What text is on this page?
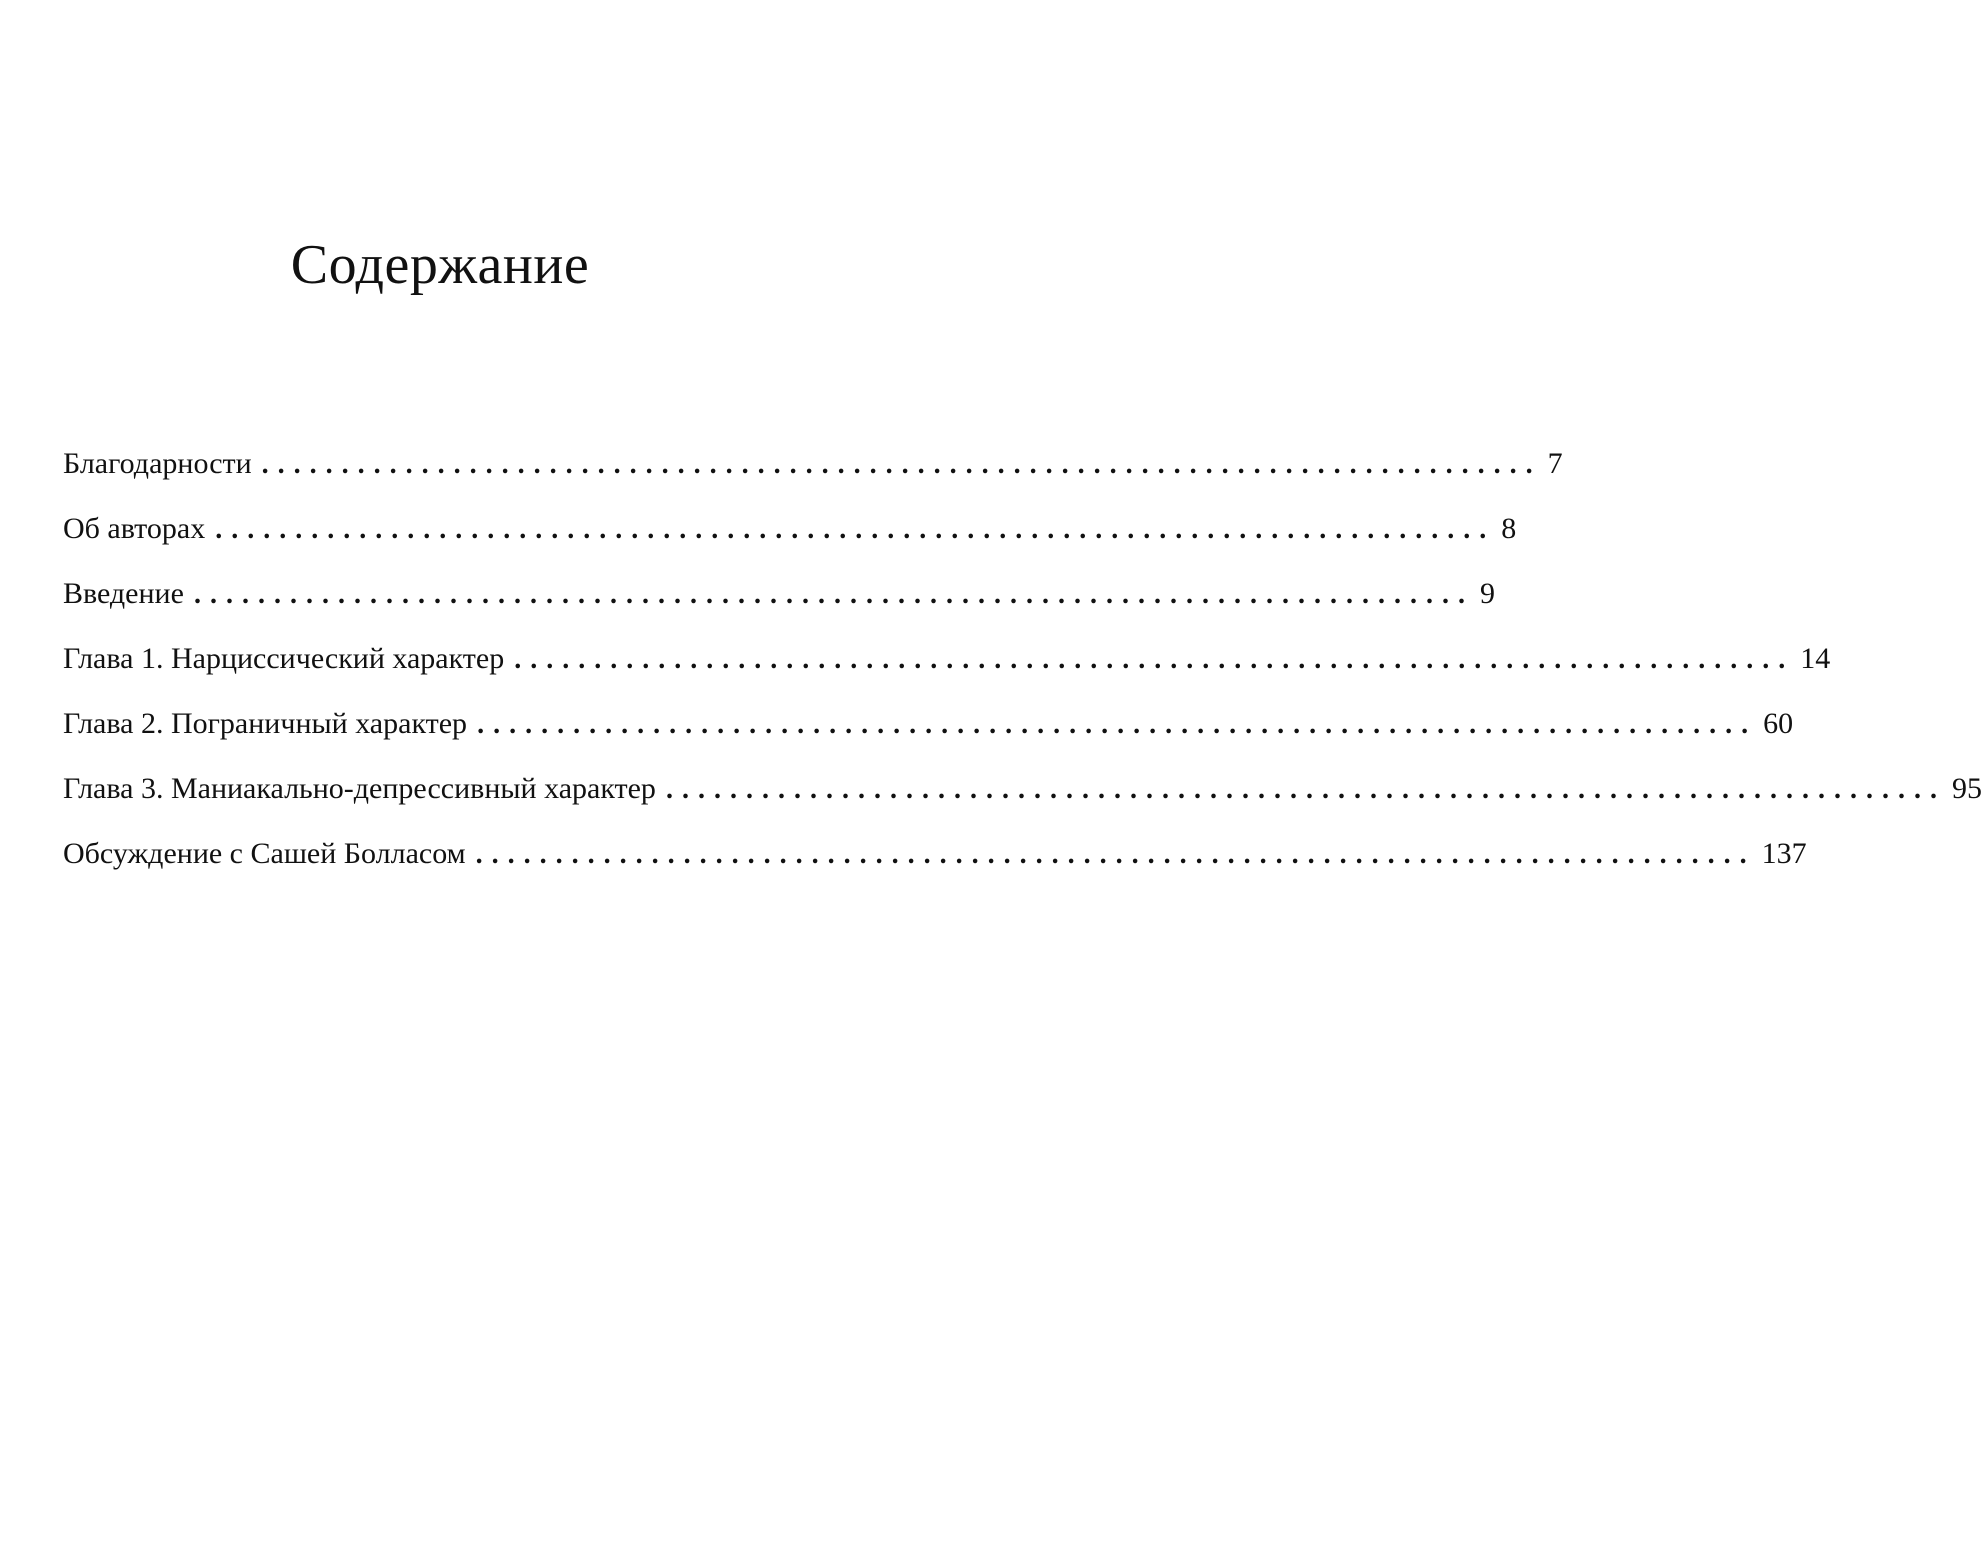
Содержание
Благодарности ................................................................................ 7
Об авторах ................................................................................ 8
Введение ................................................................................ 9
Глава 1. Нарциссический характер ................................................................................ 14
Глава 2. Пограничный характер ................................................................................ 60
Глава 3. Маниакально-депрессивный характер ................................................................................ 95
Обсуждение с Сашей Болласом ................................................................................ 137
